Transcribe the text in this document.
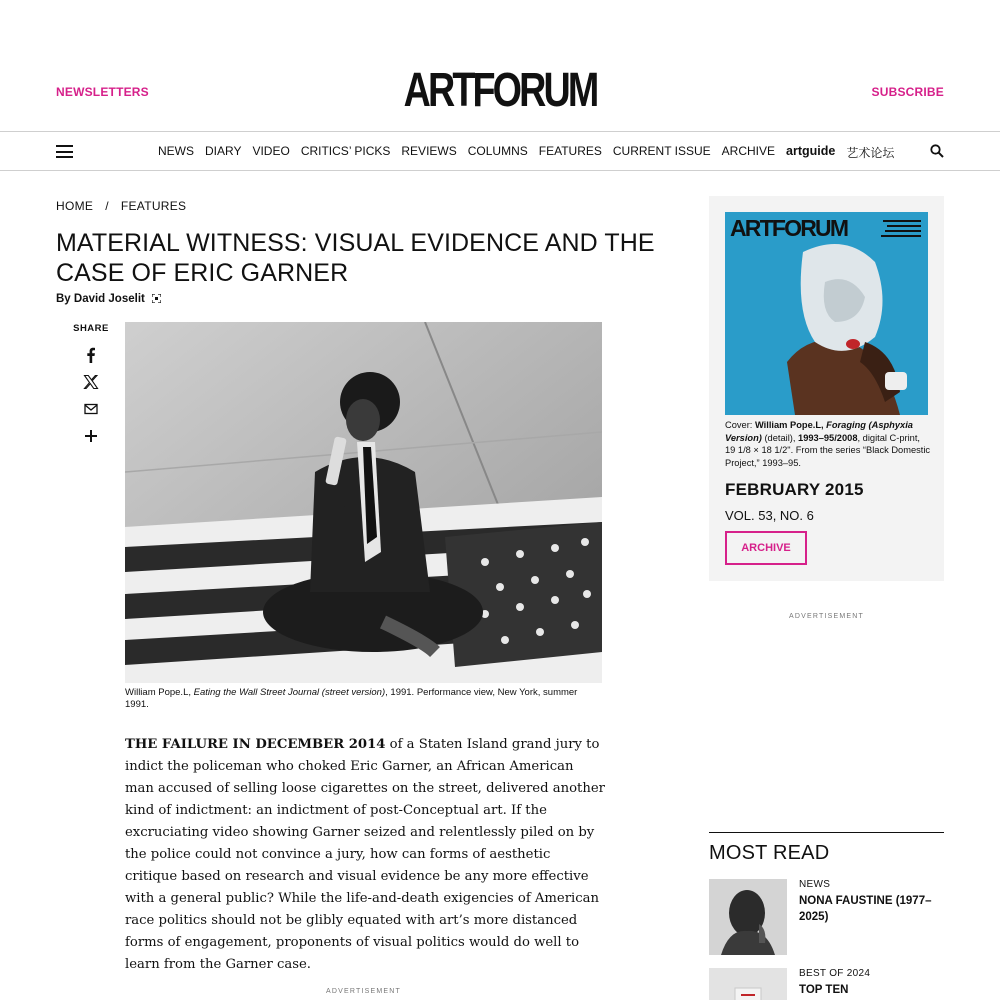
NEWSLETTERS	ARTFORUM	SUBSCRIBE
NEWS DIARY VIDEO CRITICS’ PICKS REVIEWS COLUMNS FEATURES CURRENT ISSUE ARCHIVE artguide 艺术论坛
HOME / FEATURES
MATERIAL WITNESS: VISUAL EVIDENCE AND THE CASE OF ERIC GARNER
By David Joselit
SHARE
William Pope.L, Eating the Wall Street Journal (street version), 1991. Performance view, New York, summer 1991.
THE FAILURE IN DECEMBER 2014 of a Staten Island grand jury to indict the policeman who choked Eric Garner, an African American man accused of selling loose cigarettes on the street, delivered another kind of indictment: an indictment of post-Conceptual art. If the excruciating video showing Garner seized and relentlessly piled on by the police could not convince a jury, how can forms of aesthetic critique based on research and visual evidence be any more effective with a general public? While the life-and-death exigencies of American race politics should not be glibly equated with art’s more distanced forms of engagement, proponents of visual politics would do well to learn from the Garner case.
ADVERTISEMENT
ARTFORUM
Cover: William Pope.L, Foraging (Asphyxia Version) (detail), 1993–95/2008, digital C-print, 19 1/8 × 18 1/2". From the series “Black Domestic Project,” 1993–95.
FEBRUARY 2015
VOL. 53, NO. 6
ARCHIVE
ADVERTISEMENT
MOST READ
NEWS
NONA FAUSTINE (1977–2025)
BEST OF 2024
TOP TEN
